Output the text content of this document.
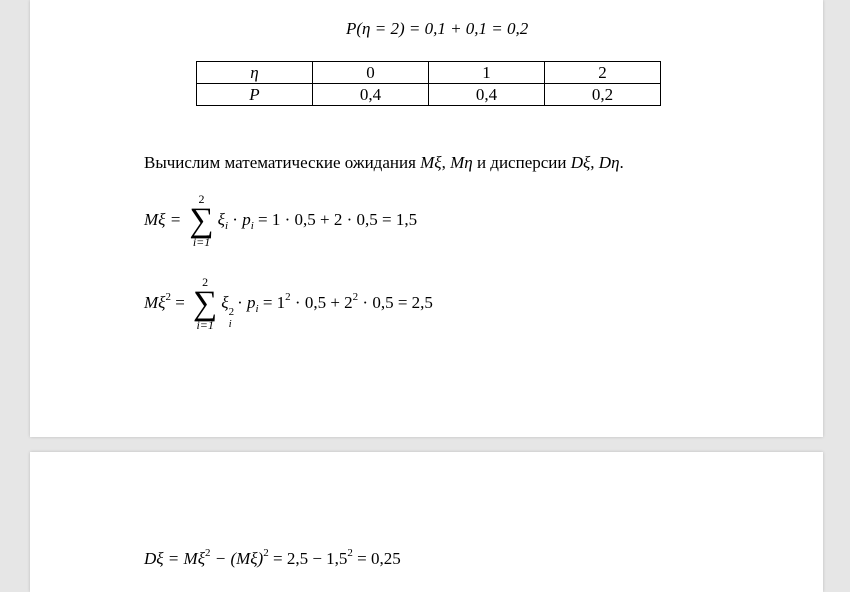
P(η = 2) = 0,1 + 0,1 = 0,2
η	0	1	2
P	0,4	0,4	0,2
Вычислим математические ожидания Mξ, Mη и дисперсии Dξ, Dη.
Mξ =
2
∑
i=1
$\xi_i \cdot p_i = 1 \cdot 0,5 + 2 \cdot 0,5 = 1,5$
$M\xi^2$ =
2
∑
i=1
ξ 2
i
· $p_i = 1^2 \cdot 0,5 + 2^2 \cdot 0,5 = 2,5$
$D\xi = M\xi^2 - (M\xi)^2 = 2,5 - 1,5^2 = 0,25$
